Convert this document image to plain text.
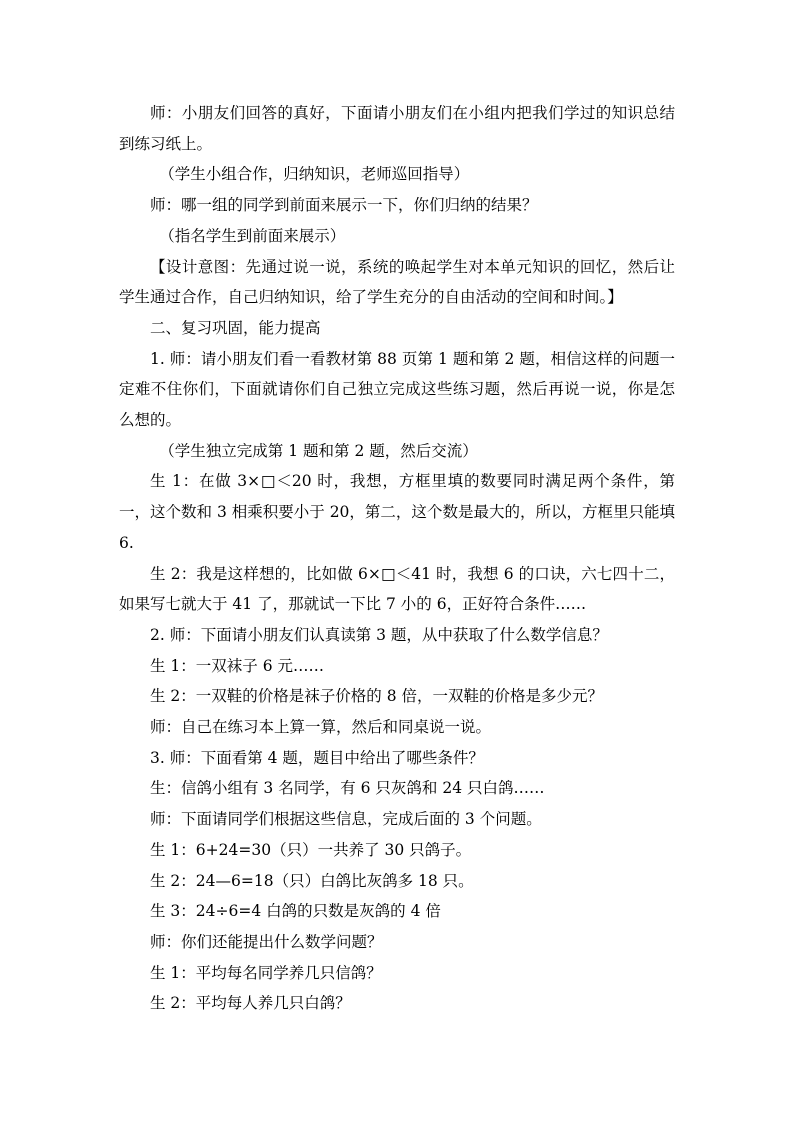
师：小朋友们回答的真好，下面请小朋友们在小组内把我们学过的知识总结到练习纸上。

（学生小组合作，归纳知识，老师巡回指导）

师：哪一组的同学到前面来展示一下，你们归纳的结果？

（指名学生到前面来展示）

【设计意图：先通过说一说，系统的唤起学生对本单元知识的回忆，然后让学生通过合作，自己归纳知识，给了学生充分的自由活动的空间和时间。】

二、复习巩固，能力提高

1. 师：请小朋友们看一看教材第 88 页第 1 题和第 2 题，相信这样的问题一定难不住你们，下面就请你们自己独立完成这些练习题，然后再说一说，你是怎么想的。

（学生独立完成第 1 题和第 2 题，然后交流）

生 1：在做 3×□＜20 时，我想，方框里填的数要同时满足两个条件，第一，这个数和 3 相乘积要小于 20，第二，这个数是最大的，所以，方框里只能填 6.

生 2：我是这样想的，比如做 6×□＜41 时，我想 6 的口诀，六七四十二，如果写七就大于 41 了，那就试一下比 7 小的 6，正好符合条件……

2. 师：下面请小朋友们认真读第 3 题，从中获取了什么数学信息？

生 1：一双袜子 6 元……

生 2：一双鞋的价格是袜子价格的 8 倍，一双鞋的价格是多少元？

师：自己在练习本上算一算，然后和同桌说一说。

3. 师：下面看第 4 题，题目中给出了哪些条件？

生：信鸽小组有 3 名同学，有 6 只灰鸽和 24 只白鸽……

师：下面请同学们根据这些信息，完成后面的 3 个问题。

生 1：6+24=30（只）一共养了 30 只鸽子。

生 2：24—6=18（只）白鸽比灰鸽多 18 只。

生 3：24÷6=4 白鸽的只数是灰鸽的 4 倍

师：你们还能提出什么数学问题？

生 1：平均每名同学养几只信鸽？

生 2：平均每人养几只白鸽？
